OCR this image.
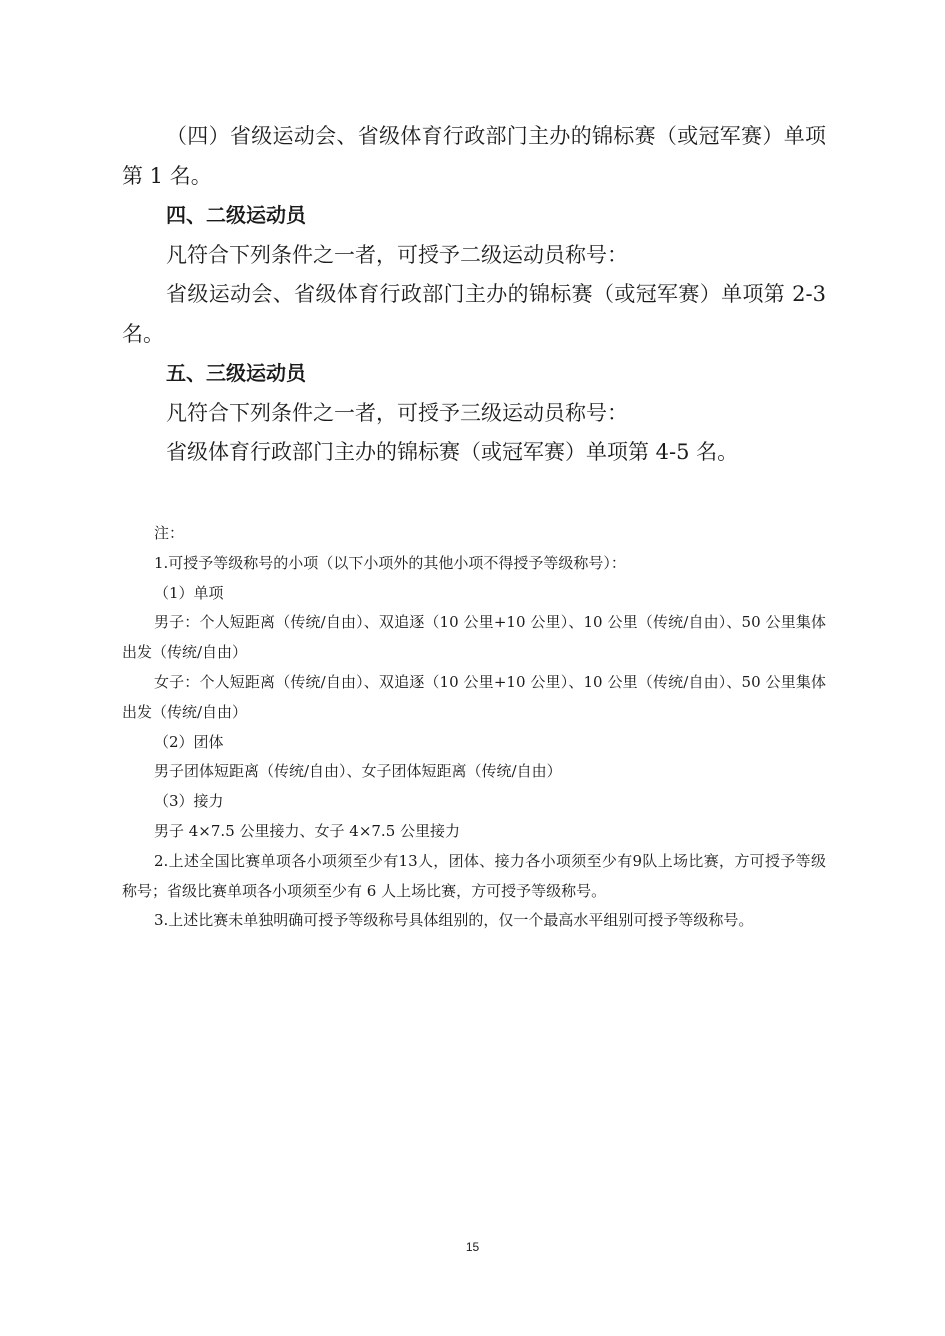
（四）省级运动会、省级体育行政部门主办的锦标赛（或冠军赛）单项第 1 名。

四、二级运动员

凡符合下列条件之一者，可授予二级运动员称号：

省级运动会、省级体育行政部门主办的锦标赛（或冠军赛）单项第 2-3 名。

五、三级运动员

凡符合下列条件之一者，可授予三级运动员称号：

省级体育行政部门主办的锦标赛（或冠军赛）单项第 4-5 名。

注：

1.可授予等级称号的小项（以下小项外的其他小项不得授予等级称号）：

（1）单项

男子：个人短距离（传统/自由）、双追逐（10 公里+10 公里）、10 公里（传统/自由）、50 公里集体出发（传统/自由）

女子：个人短距离（传统/自由）、双追逐（10 公里+10 公里）、10 公里（传统/自由）、50 公里集体出发（传统/自由）

（2）团体

男子团体短距离（传统/自由）、女子团体短距离（传统/自由）

（3）接力

男子 4×7.5 公里接力、女子 4×7.5 公里接力

2.上述全国比赛单项各小项须至少有13人，团体、接力各小项须至少有9队上场比赛，方可授予等级称号；省级比赛单项各小项须至少有 6 人上场比赛，方可授予等级称号。

3.上述比赛未单独明确可授予等级称号具体组别的，仅一个最高水平组别可授予等级称号。

15
